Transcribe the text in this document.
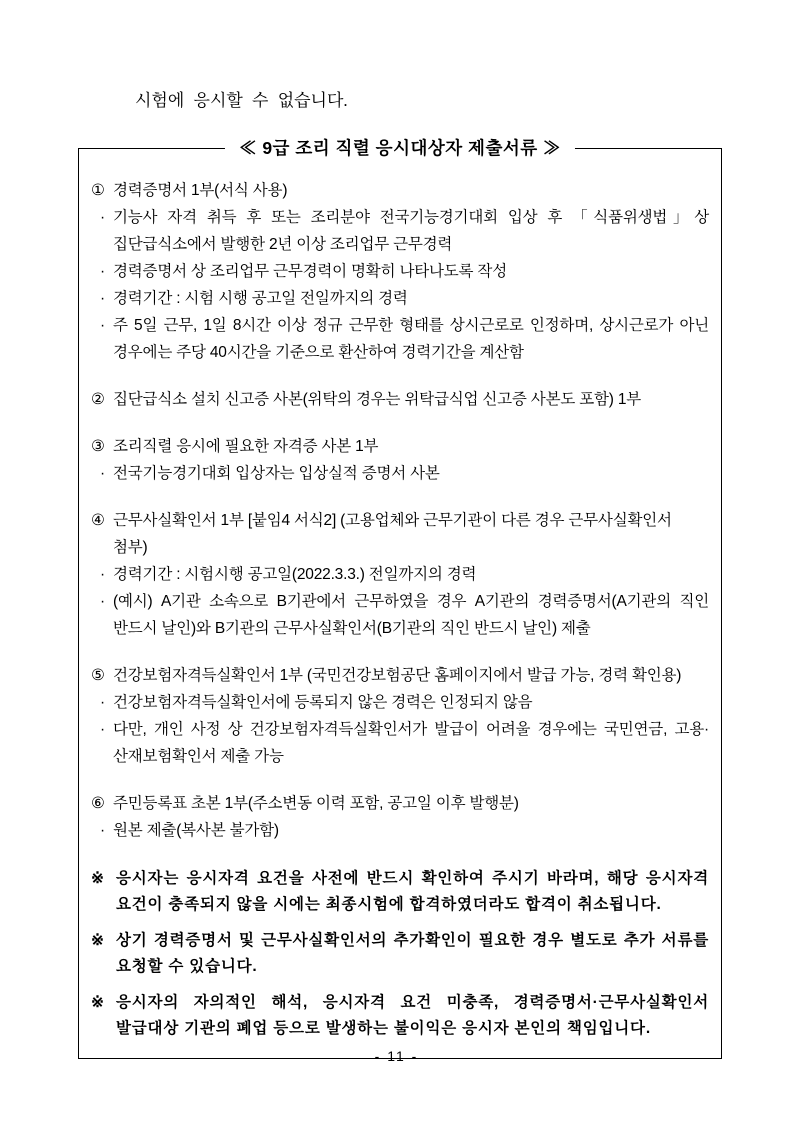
시험에 응시할 수 없습니다.

≪ 9급 조리 직렬 응시대상자 제출서류 ≫
① 경력증명서 1부(서식 사용)
· 기능사 자격 취득 후 또는 조리분야 전국기능경기대회 입상 후 「식품위생법」상 집단급식소에서 발행한 2년 이상 조리업무 근무경력
· 경력증명서 상 조리업무 근무경력이 명확히 나타나도록 작성
· 경력기간 : 시험 시행 공고일 전일까지의 경력
· 주 5일 근무, 1일 8시간 이상 정규 근무한 형태를 상시근로로 인정하며, 상시근로가 아닌 경우에는 주당 40시간을 기준으로 환산하여 경력기간을 계산함
② 집단급식소 설치 신고증 사본(위탁의 경우는 위탁급식업 신고증 사본도 포함) 1부
③ 조리직렬 응시에 필요한 자격증 사본 1부
· 전국기능경기대회 입상자는 입상실적 증명서 사본
④ 근무사실확인서 1부 [붙임4 서식2] (고용업체와 근무기관이 다른 경우 근무사실확인서 첨부)
· 경력기간 : 시험시행 공고일(2022.3.3.) 전일까지의 경력
· (예시) A기관 소속으로 B기관에서 근무하였을 경우 A기관의 경력증명서(A기관의 직인 반드시 날인)와 B기관의 근무사실확인서(B기관의 직인 반드시 날인) 제출
⑤ 건강보험자격득실확인서 1부 (국민건강보험공단 홈페이지에서 발급 가능, 경력 확인용)
· 건강보험자격득실확인서에 등록되지 않은 경력은 인정되지 않음
· 다만, 개인 사정 상 건강보험자격득실확인서가 발급이 어려울 경우에는 국민연금, 고용·산재보험확인서 제출 가능
⑥ 주민등록표 초본 1부(주소변동 이력 포함, 공고일 이후 발행분)
· 원본 제출(복사본 불가함)
※ 응시자는 응시자격 요건을 사전에 반드시 확인하여 주시기 바라며, 해당 응시자격 요건이 충족되지 않을 시에는 최종시험에 합격하였더라도 합격이 취소됩니다.
※ 상기 경력증명서 및 근무사실확인서의 추가확인이 필요한 경우 별도로 추가 서류를 요청할 수 있습니다.
※ 응시자의 자의적인 해석, 응시자격 요건 미충족, 경력증명서·근무사실확인서 발급대상 기관의 폐업 등으로 발생하는 불이익은 응시자 본인의 책임입니다.
- 11 -
